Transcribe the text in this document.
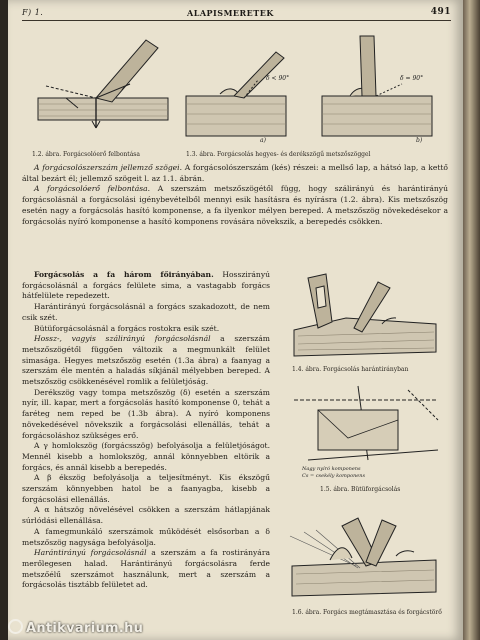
F) 1.	ALAPISMERETEK	491
1.2. ábra. Forgácsolóerő felbontása
δ < 90°	δ = 90°
a)	b)
1.3. ábra. Forgácsolás hegyes- és derékszögű metszőszöggel

A forgácsolószerszám jellemző szögei. A forgácsolószerszám (kés) részei: a mellső lap, a hátsó lap, a kettő által bezárt él; jellemző szögeit l. az 1.1. ábrán.

A forgácsolóerő felbontása. A szerszám metszőszögétől függ, hogy szálirányú és harántirányú forgácsolásnál a forgácsolási igénybevételből mennyi esik hasításra és nyírásra (1.2. ábra). Kis metszőszög esetén nagy a forgácsolás hasító komponense, a fa ilyenkor mélyen bereped. A metszőszög növekedésekor a forgácsolás nyíró komponense a hasító komponens rovására növekszik, a berepedés csökken.

Forgácsolás a fa három főirányában. Hosszirányú forgácsolásnál a forgács felülete sima, a vastagabb forgács hátfelülete repedezett.

Harántirányú forgácsolásnál a forgács szakadozott, de nem csik szét.

Bütüforgácsolásnál a forgács rostokra esik szét.

Hossz-, vagyis szálirányú forgácsolásnál a szerszám metszőszögétől függően változik a megmunkált felület simasága. Hegyes metszőszög esetén (1.3a ábra) a faanyag a szerszám éle mentén a haladás síkjánál mélyebben bereped. A metszőszög csökkenésével romlik a felületjóság.

Derékszög vagy tompa metszőszög (δ) esetén a szerszám nyír, ill. kapar, mert a forgácsolás hasító komponense 0, tehát a faréteg nem reped be (1.3b ábra). A nyíró komponens növekedésével növekszik a forgácsolási ellenállás, tehát a forgácsoláshoz szükséges erő.

A γ homlokszög (forgácsszög) befolyásolja a felületjóságot. Mennél kisebb a homlokszög, annál könnyebben eltörik a forgács, és annál kisebb a berepedés.

A β ékszög befolyásolja a teljesítményt. Kis ékszögű szerszám könnyebben hatol be a faanyagba, kisebb a forgácsolási ellenállás.

A α hátszög növelésével csökken a szerszám hátlapjának súrlódási ellenállása.

A famegmunkáló szerszámok működését elsősorban a δ metszőszög nagysága befolyásolja.

Harántirányú forgácsolásnál a szerszám a fa rostirányára merőlegesen halad. Harántirányú forgácsolásra ferde metszőélű szerszámot használunk, mert a szerszám a forgácsolás tisztább felületet ad.

1.4. ábra. Forgácsolás harántirányban
Nagy nyíró komponens
Cs = csekély komponens
1.5. ábra. Bütüforgácsolás
1.6. ábra. Forgács megtámasztása és forgácstörő
Antikvarium.hu
